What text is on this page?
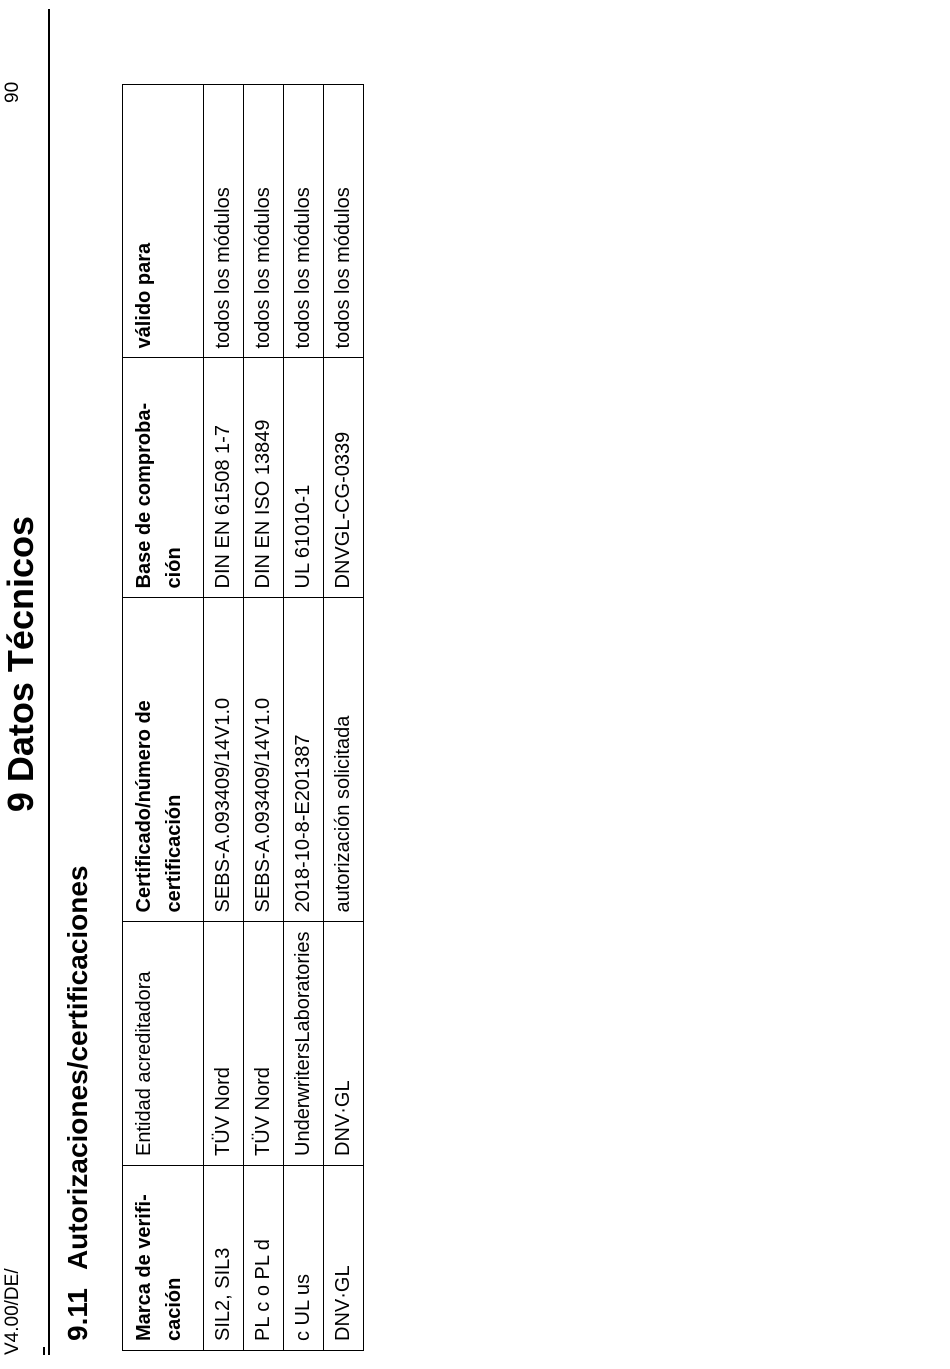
V4.00/DE/
9 Datos Técnicos
90
9.11Autorizaciones/certificaciones Marca de verifi- cación	Entidad acreditadora	Certificado/número de certificación	Base de comproba- ción	válido para
SIL2, SIL3	TÜV Nord	SEBS-A.093409/14V1.0	DIN EN 61508 1-7	todos los módulos
PL c o PL d	TÜV Nord	SEBS-A.093409/14V1.0	DIN EN ISO 13849	todos los módulos
c UL us	UnderwritersLaboratories	2018-10-8-E201387	UL 61010-1	todos los módulos
DNV·GL	DNV·GL	autorización solicitada	DNVGL-CG-0339	todos los módulos
